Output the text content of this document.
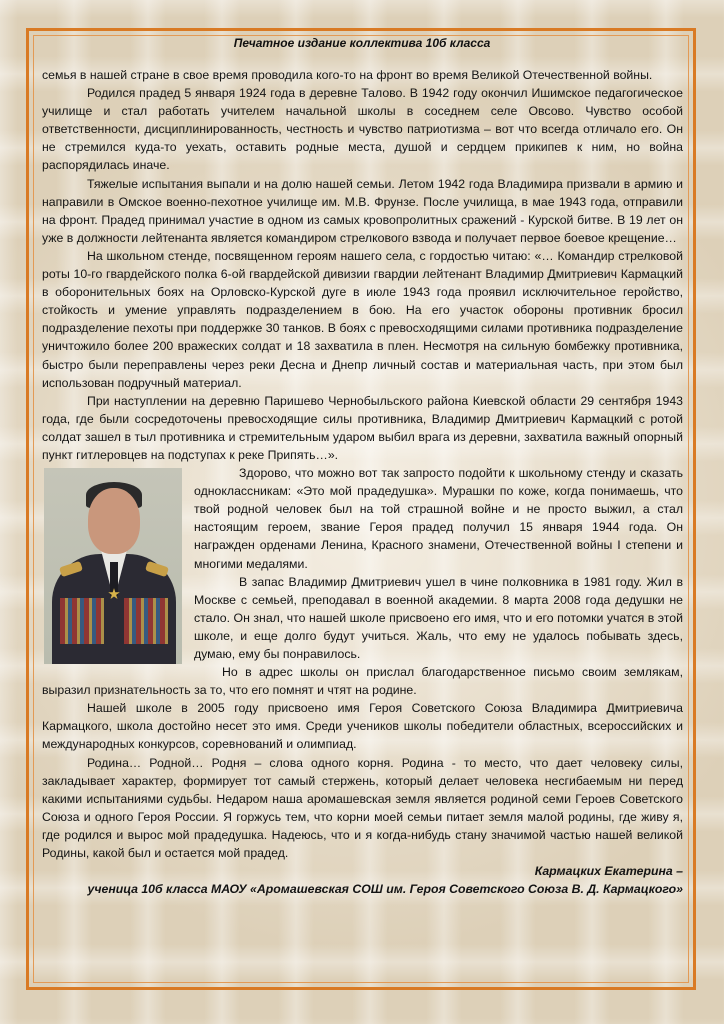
Печатное издание коллектива 10б класса

семья в нашей стране в свое время проводила кого-то на фронт во время Великой Отечественной войны.

Родился прадед 5 января 1924 года в деревне Талово. В 1942 году окончил Ишимское педагогическое училище и стал работать учителем начальной школы в соседнем селе Овсово. Чувство особой ответственности, дисциплинированность, честность и чувство патриотизма – вот что всегда отличало его. Он не стремился куда-то уехать, оставить родные места, душой и сердцем прикипев к ним, но война распорядилась иначе.

Тяжелые испытания выпали и на долю нашей семьи. Летом 1942 года Владимира призвали в армию и направили в Омское военно-пехотное училище им. М.В. Фрунзе. После училища, в мае 1943 года, отправили на фронт. Прадед принимал участие в одном из самых кровопролитных сражений - Курской битве. В 19 лет он уже в должности лейтенанта является командиром стрелкового взвода и получает первое боевое крещение…

На школьном стенде, посвященном героям нашего села, с гордостью читаю: «… Командир стрелковой роты 10-го гвардейского полка 6-ой гвардейской дивизии гвардии лейтенант Владимир Дмитриевич Кармацкий в оборонительных боях на Орловско-Курской дуге в июле 1943 года проявил исключительное геройство, стойкость и умение управлять подразделением в бою. На его участок обороны противник бросил подразделение пехоты при поддержке 30 танков. В боях с превосходящими силами противника подразделение уничтожило более 200 вражеских солдат и 18 захватила в плен. Несмотря на сильную бомбежку противника, быстро были переправлены через реки Десна и Днепр личный состав и материальная часть, при этом был использован подручный материал.

При наступлении на деревню Паришево Чернобыльского района Киевской области 29 сентября 1943 года, где были сосредоточены превосходящие силы противника, Владимир Дмитриевич Кармацкий с ротой солдат зашел в тыл противника и стремительным ударом выбил врага из деревни, захватила важный опорный пункт гитлеровцев на подступах к реке Припять…».

Здорово, что можно вот так запросто подойти к школьному стенду и сказать одноклассникам: «Это мой прадедушка». Мурашки по коже, когда понимаешь, что твой родной человек был на той страшной войне и не просто выжил, а стал настоящим героем, звание Героя прадед получил 15 января 1944 года. Он награжден орденами Ленина, Красного знамени, Отечественной войны I степени и многими медалями.

В запас Владимир Дмитриевич ушел в чине полковника в 1981 году. Жил в Москве с семьей, преподавал в военной академии. 8 марта 2008 года дедушки не стало. Он знал, что нашей школе присвоено его имя, что и его потомки учатся в этой школе, и еще долго будут учиться. Жаль, что ему не удалось побывать здесь, думаю, ему бы понравилось.

Но в адрес школы он прислал благодарственное письмо своим землякам, выразил признательность за то, что его помнят и чтят на родине.

Нашей школе в 2005 году присвоено имя Героя Советского Союза Владимира Дмитриевича Кармацкого, школа достойно несет это имя. Среди учеников школы победители областных, всероссийских и международных конкурсов, соревнований и олимпиад.

Родина… Родной… Родня – слова одного корня. Родина - то место, что дает человеку силы, закладывает характер, формирует тот самый стержень, который делает человека несгибаемым ни перед какими испытаниями судьбы. Недаром наша аромашевская земля является родиной семи Героев Советского Союза и одного Героя России. Я горжусь тем, что корни моей семьи питает земля малой родины, где живу я, где родился и вырос мой прадедушка. Надеюсь, что и я когда-нибудь стану значимой частью нашей великой Родины, какой был и остается мой прадед.

Кармацких Екатерина –

ученица 10б класса МАОУ «Аромашевская СОШ им. Героя Советского Союза В. Д. Кармацкого»
